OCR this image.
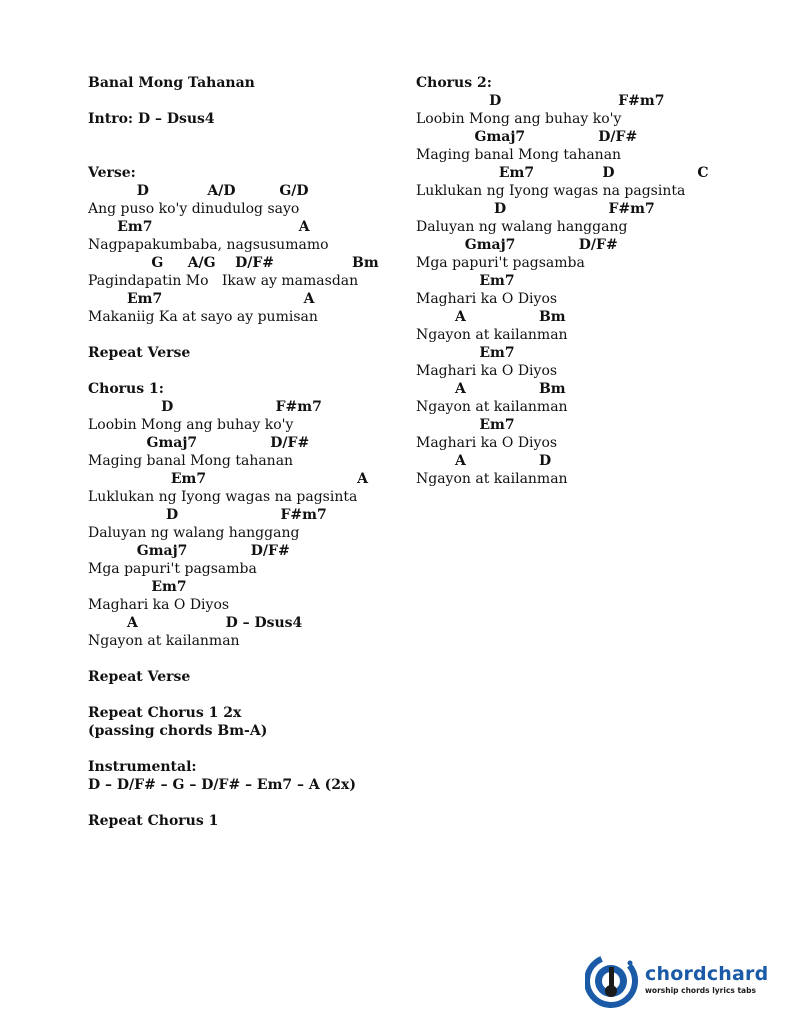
Banal Mong Tahanan
Intro: D – Dsus4
Verse:
D            A/D         G/D
Ang puso ko'y dinudulog sayo
Em7                              A
Nagpapakumbaba, nagsusumamo
G     A/G    D/F#                Bm
Pagindapatin Mo   Ikaw ay mamasdan
Em7                             A
Makaniig Ka at sayo ay pumisan
Repeat Verse
Chorus 1:
D                     F#m7
Loobin Mong ang buhay ko'y
Gmaj7               D/F#
Maging banal Mong tahanan
Em7                               A
Luklukan ng Iyong wagas na pagsinta
D                     F#m7
Daluyan ng walang hanggang
Gmaj7             D/F#
Mga papuri't pagsamba
Em7
Maghari ka O Diyos
A                  D – Dsus4
Ngayon at kailanman
Repeat Verse
Repeat Chorus 1 2x
(passing chords Bm-A)
Instrumental:
D – D/F# – G – D/F# – Em7 – A (2x)
Repeat Chorus 1
Chorus 2:
D                        F#m7
Loobin Mong ang buhay ko'y
Gmaj7               D/F#
Maging banal Mong tahanan
Em7              D                 C
Luklukan ng Iyong wagas na pagsinta
D                     F#m7
Daluyan ng walang hanggang
Gmaj7             D/F#
Mga papuri't pagsamba
Em7
Maghari ka O Diyos
A               Bm
Ngayon at kailanman
Em7
Maghari ka O Diyos
A               Bm
Ngayon at kailanman
Em7
Maghari ka O Diyos
A               D
Ngayon at kailanman
chordchard
worship chords lyrics tabs
